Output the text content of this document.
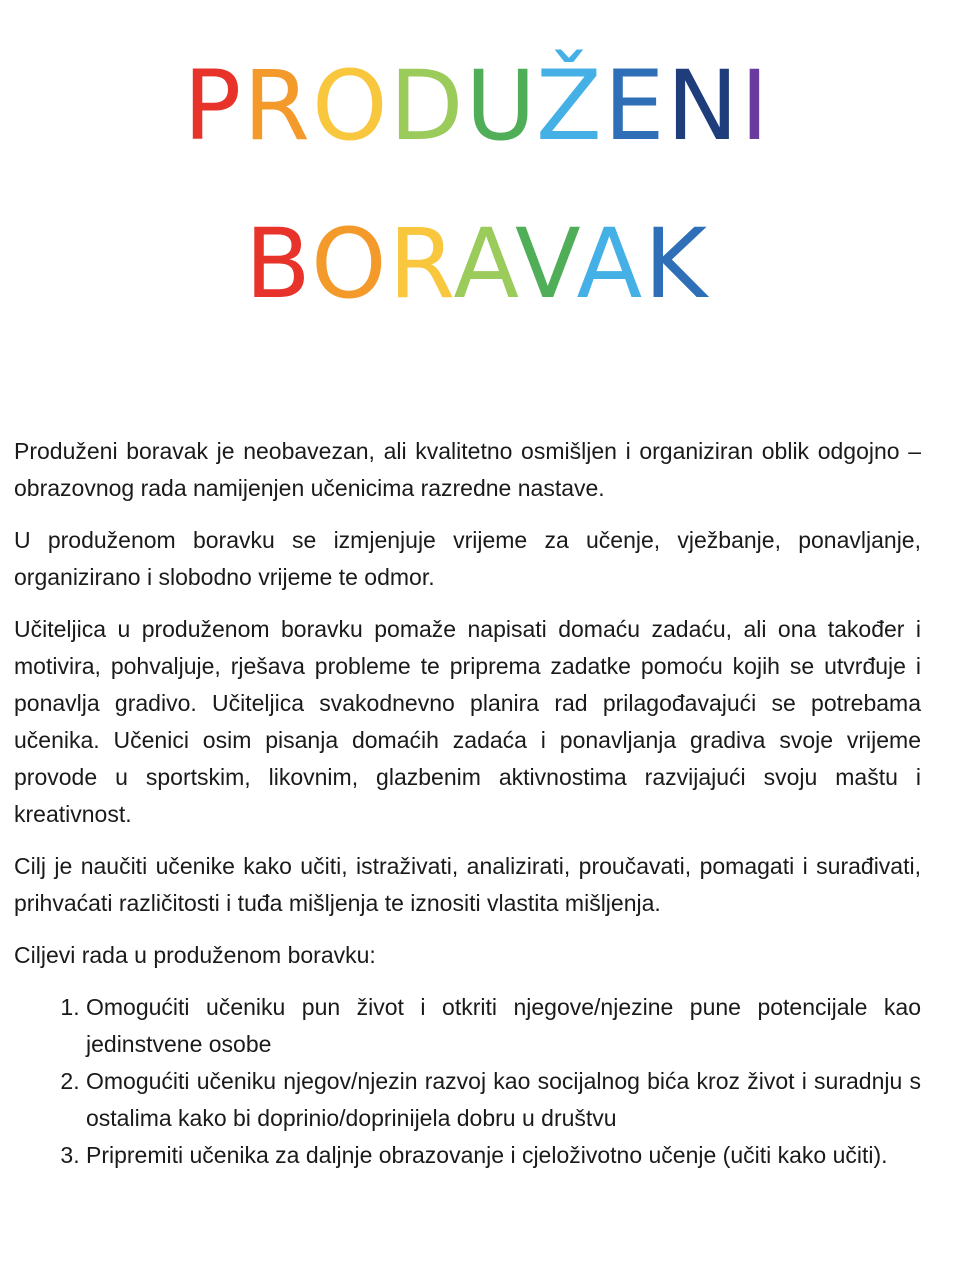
PRODUŽENI
BORAVAK

Produženi boravak je neobavezan, ali kvalitetno osmišljen i organiziran oblik odgojno – obrazovnog rada namijenjen učenicima razredne nastave.

U produženom boravku se izmjenjuje vrijeme za učenje, vježbanje, ponavljanje, organizirano i slobodno vrijeme te odmor.

Učiteljica u produženom boravku pomaže napisati domaću zadaću, ali ona također i motivira, pohvaljuje, rješava probleme te priprema zadatke pomoću kojih se utvrđuje i ponavlja gradivo. Učiteljica svakodnevno planira rad prilagođavajući se potrebama učenika. Učenici osim pisanja domaćih zadaća i ponavljanja gradiva svoje vrijeme provode u sportskim, likovnim, glazbenim aktivnostima razvijajući svoju maštu i kreativnost.

Cilj je naučiti učenike kako učiti, istraživati, analizirati, proučavati, pomagati i surađivati, prihvaćati različitosti i tuđa mišljenja te iznositi vlastita mišljenja.

Ciljevi rada u produženom boravku:

1. Omogućiti učeniku pun život i otkriti njegove/njezine pune potencijale kao jedinstvene osobe
2. Omogućiti učeniku njegov/njezin razvoj kao socijalnog bića kroz život i suradnju s ostalima kako bi doprinio/doprinijela dobru u društvu
3. Pripremiti učenika za daljnje obrazovanje i cjeloživotno učenje (učiti kako učiti).
